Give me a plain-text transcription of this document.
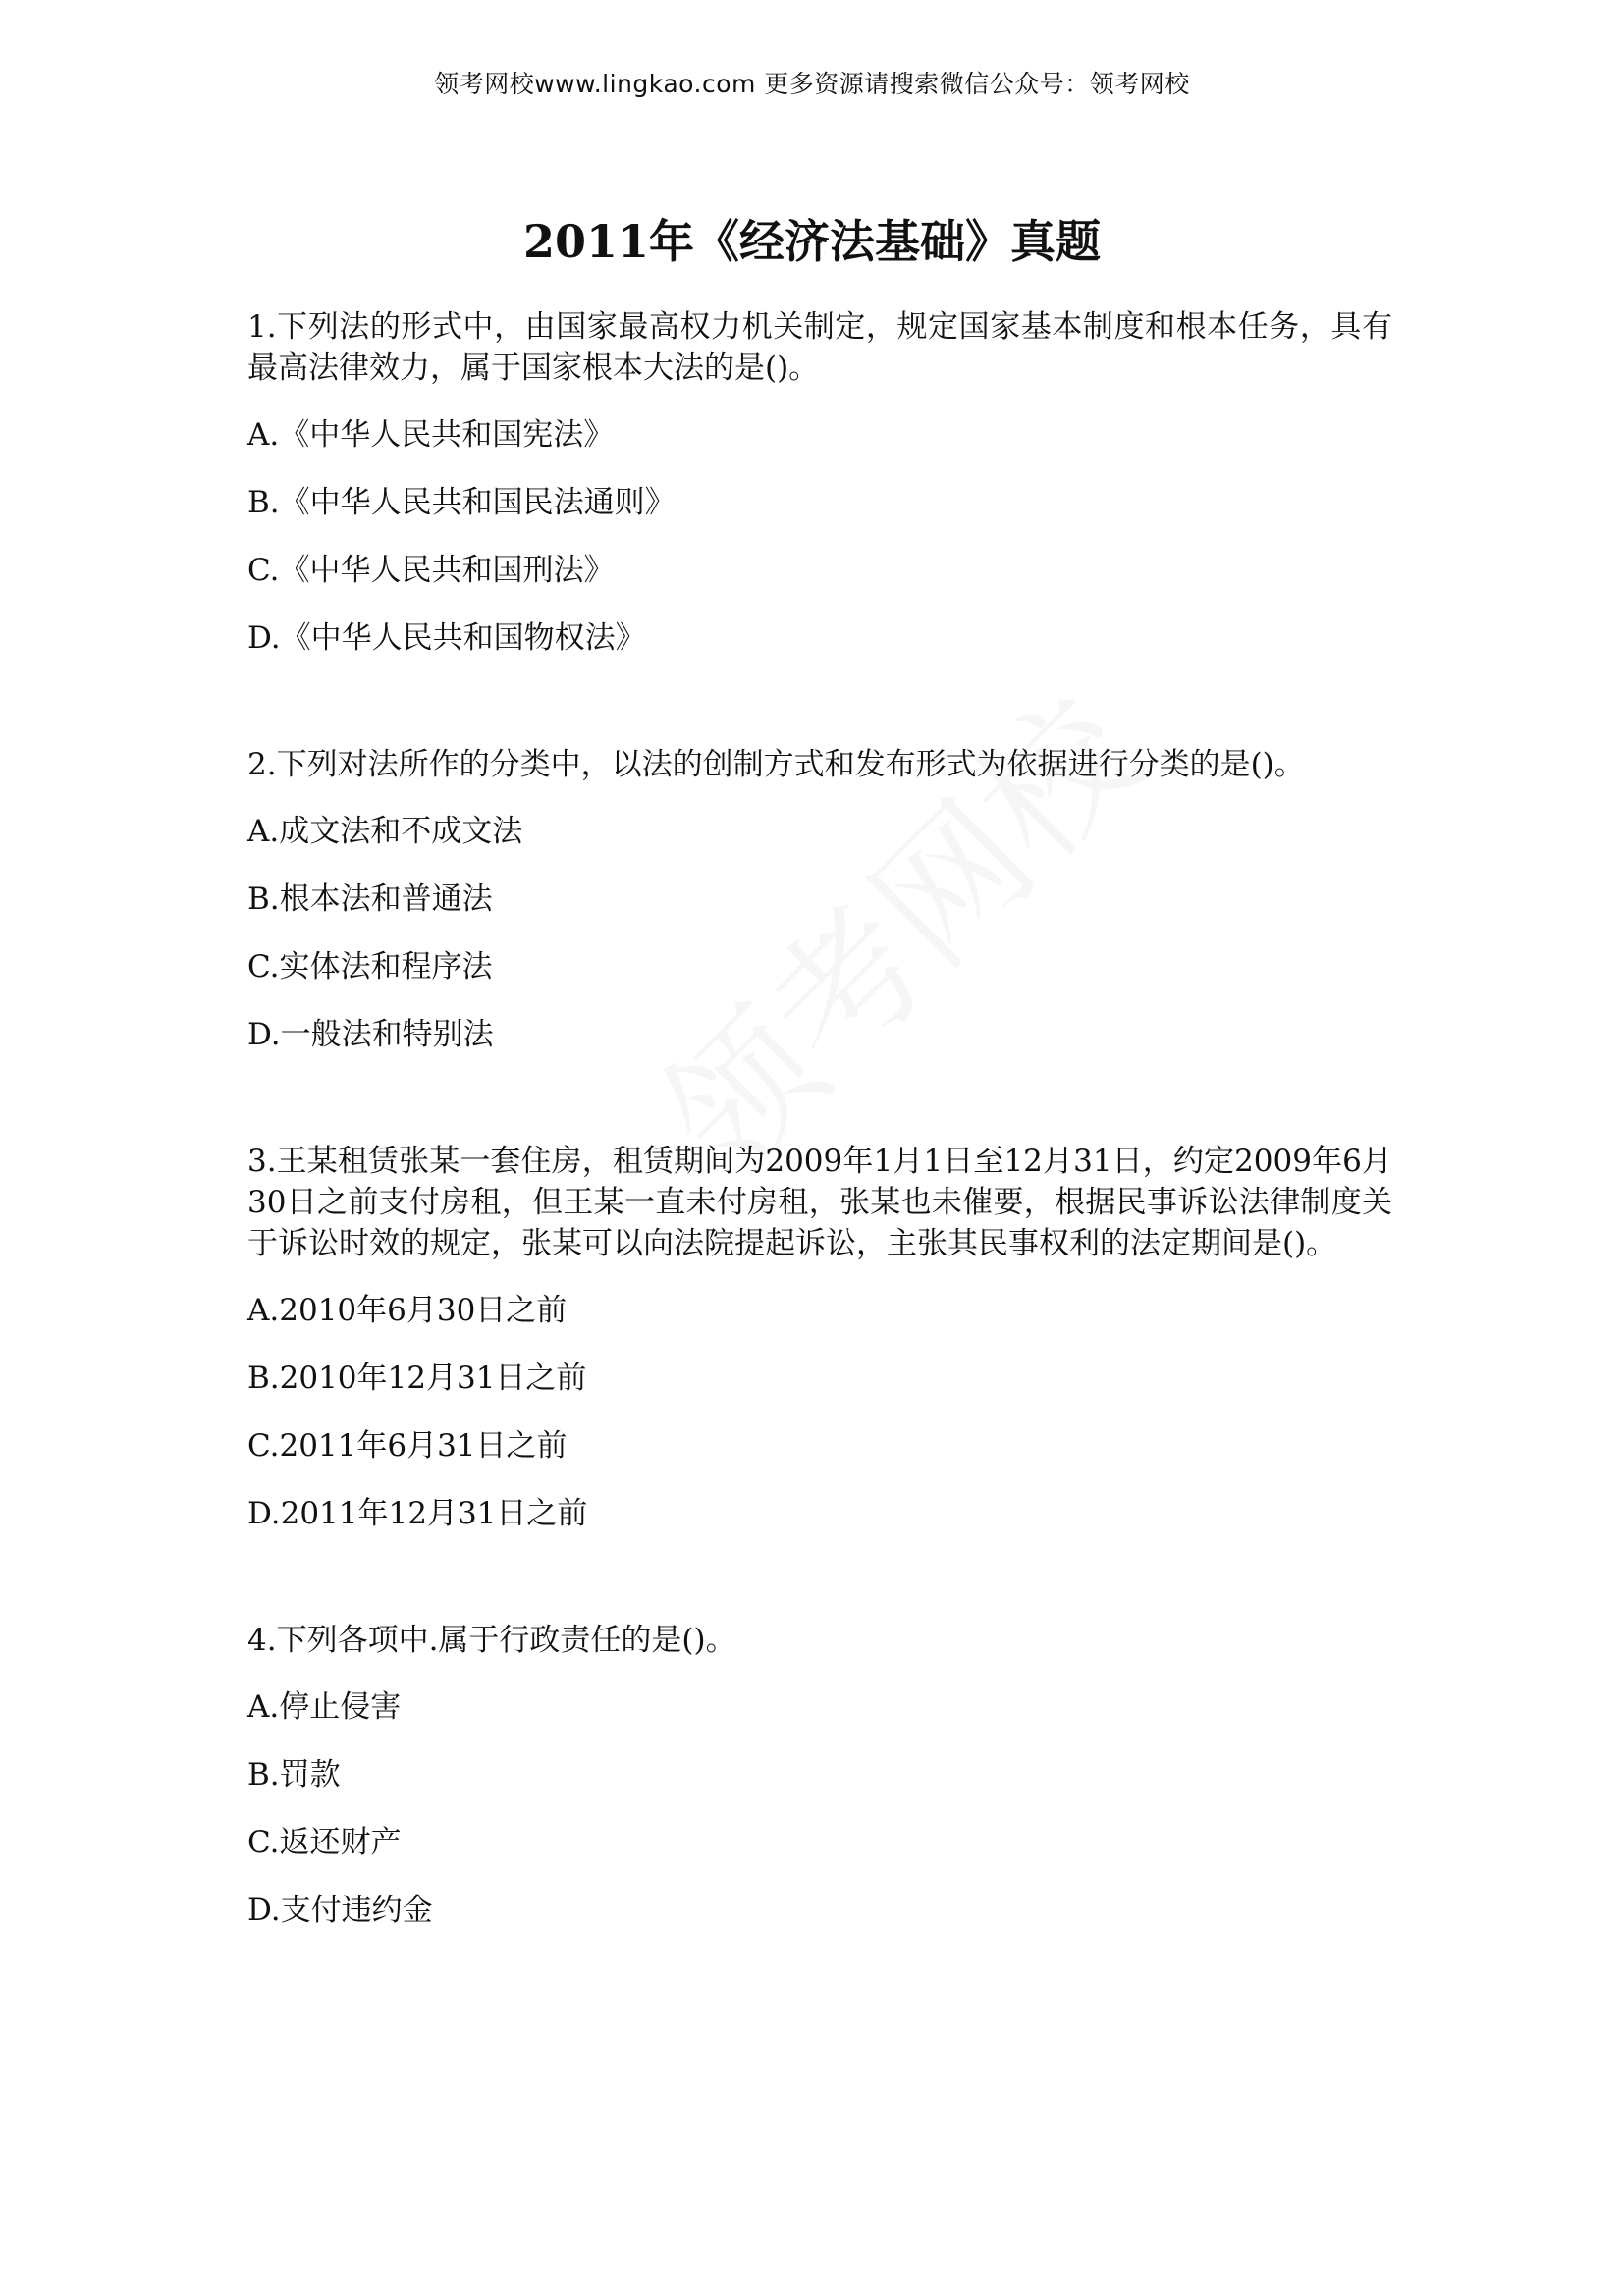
领考网校www.lingkao.com 更多资源请搜索微信公众号：领考网校
2011年《经济法基础》真题
1.下列法的形式中，由国家最高权力机关制定，规定国家基本制度和根本任务，具有最高法律效力，属于国家根本大法的是()。
A.《中华人民共和国宪法》
B.《中华人民共和国民法通则》
C.《中华人民共和国刑法》
D.《中华人民共和国物权法》
2.下列对法所作的分类中，以法的创制方式和发布形式为依据进行分类的是()。
A.成文法和不成文法
B.根本法和普通法
C.实体法和程序法
D.一般法和特别法
3.王某租赁张某一套住房，租赁期间为2009年1月1日至12月31日，约定2009年6月30日之前支付房租，但王某一直未付房租，张某也未催要，根据民事诉讼法律制度关于诉讼时效的规定，张某可以向法院提起诉讼，主张其民事权利的法定期间是()。
A.2010年6月30日之前
B.2010年12月31日之前
C.2011年6月31日之前
D.2011年12月31日之前
4.下列各项中.属于行政责任的是()。
A.停止侵害
B.罚款
C.返还财产
D.支付违约金
